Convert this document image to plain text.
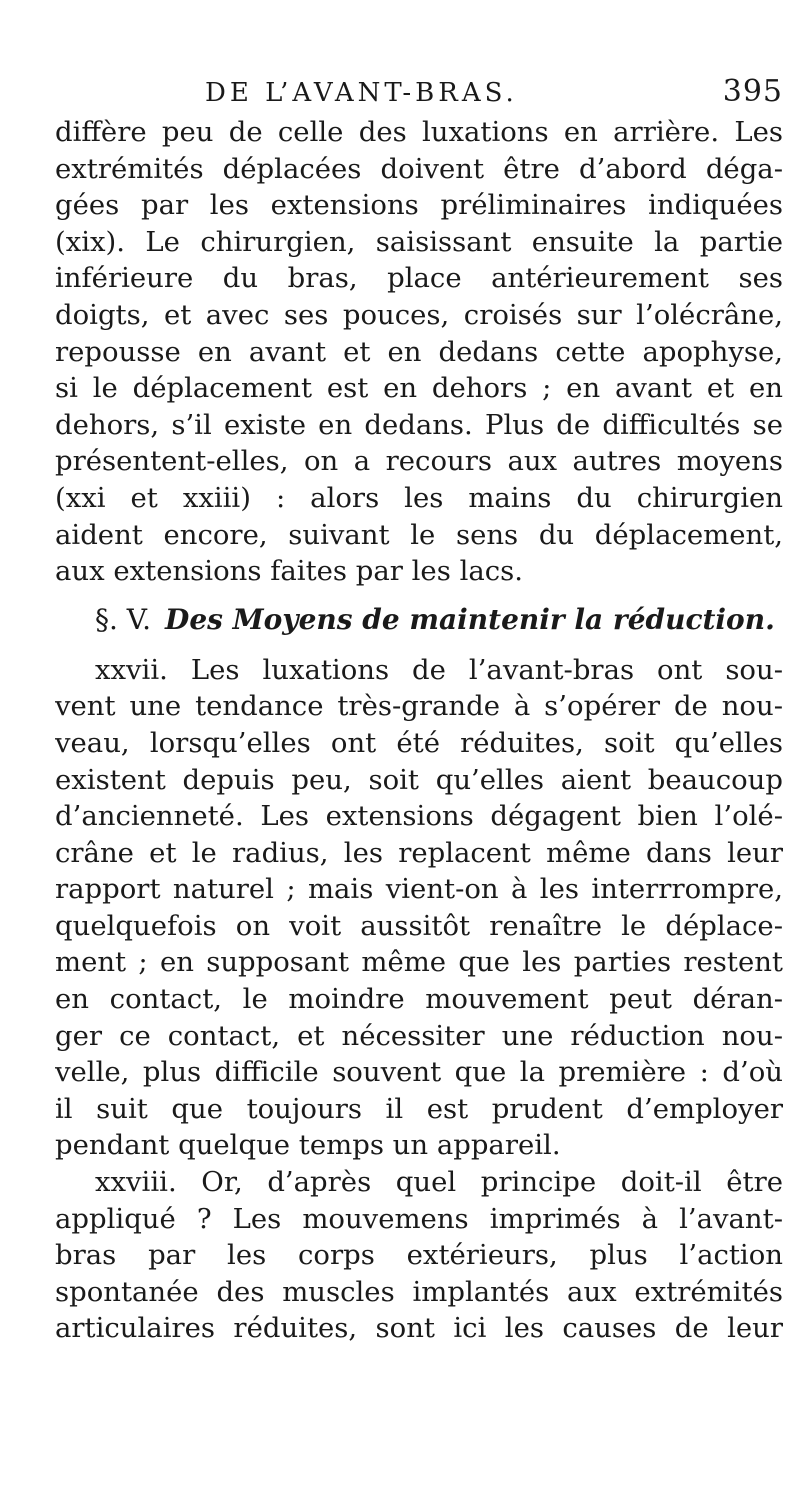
DE L’AVANT-BRAS.	395

diffère peu de celle des luxations en arrière. Les
extrémités déplacées doivent être d’abord déga-
gées par les extensions préliminaires indiquées
(xix). Le chirurgien, saisissant ensuite la partie
inférieure du bras, place antérieurement ses
doigts, et avec ses pouces, croisés sur l’olécrâne,
repousse en avant et en dedans cette apophyse,
si le déplacement est en dehors ; en avant et en
dehors, s’il existe en dedans. Plus de difficultés se
présentent-elles, on a recours aux autres moyens
(xxi et xxiii) : alors les mains du chirurgien
aident encore, suivant le sens du déplacement,
aux extensions faites par les lacs.

§. V. Des Moyens de maintenir la réduction.

xxvii. Les luxations de l’avant-bras ont sou-
vent une tendance très-grande à s’opérer de nou-
veau, lorsqu’elles ont été réduites, soit qu’elles
existent depuis peu, soit qu’elles aient beaucoup
d’ancienneté. Les extensions dégagent bien l’olé-
crâne et le radius, les replacent même dans leur
rapport naturel ; mais vient-on à les interrrompre,
quelquefois on voit aussitôt renaître le déplace-
ment ; en supposant même que les parties restent
en contact, le moindre mouvement peut déran-
ger ce contact, et nécessiter une réduction nou-
velle, plus difficile souvent que la première : d’où
il suit que toujours il est prudent d’employer
pendant quelque temps un appareil.

xxviii. Or, d’après quel principe doit-il être
appliqué ? Les mouvemens imprimés à l’avant-
bras par les corps extérieurs, plus l’action
spontanée des muscles implantés aux extrémités
articulaires réduites, sont ici les causes de leur
